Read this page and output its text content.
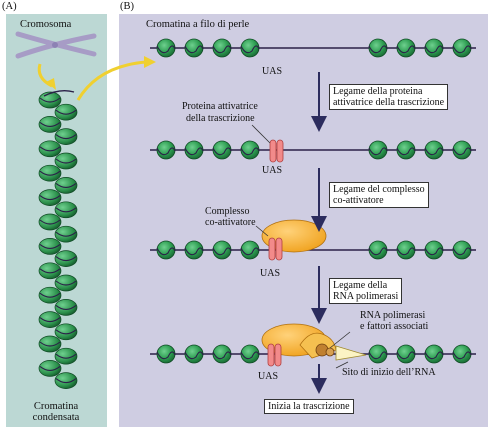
(A)	(B)
Cromosoma
Cromatina
condensata
Cromatina a filo di perle
UAS
UAS
UAS
UAS
Proteina attivatrice
della trascrizione
Complesso
co-attivatore
RNA polimerasi
e fattori associati
Sito di inizio dell’RNA
Legame della proteina
attivatrice della trascrizione
Legame del complesso
co-attivatore
Legame della
RNA polimerasi
Inizia la trascrizione
